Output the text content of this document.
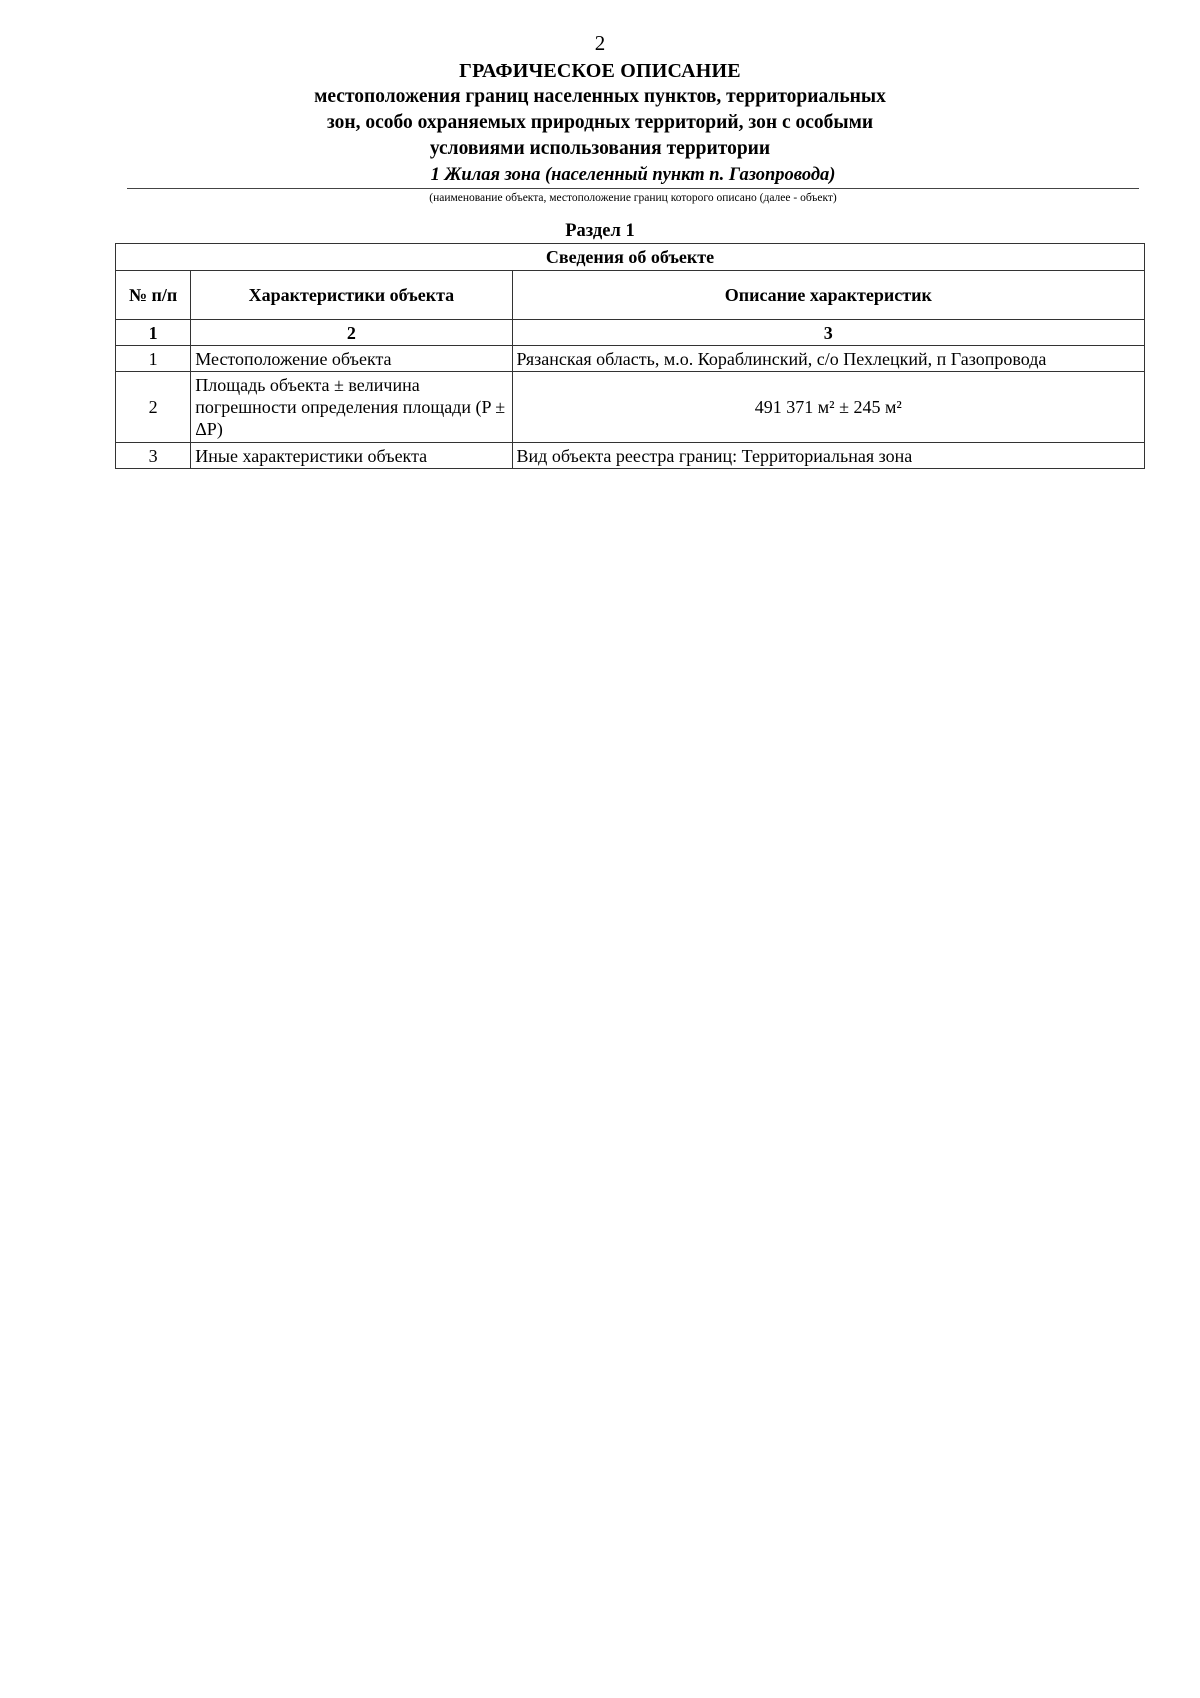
2
ГРАФИЧЕСКОЕ ОПИСАНИЕ
местоположения границ населенных пунктов, территориальных
зон, особо охраняемых природных территорий, зон с особыми
условиями использования территории
1 Жилая зона (населенный пункт п. Газопровода)
(наименование объекта, местоположение границ которого описано (далее - объект)
Раздел 1
Сведения об объекте		
№ п/п	Характеристики объекта	Описание характеристик
1	2	3
1	Местоположение объекта	Рязанская область, м.о. Кораблинский, с/о Пехлецкий, п Газопровода
2	Площадь объекта ± величина погрешности определения площади (P ± ΔP)	491 371 м² ± 245 м²
3	Иные характеристики объекта	Вид объекта реестра границ: Территориальная зона
